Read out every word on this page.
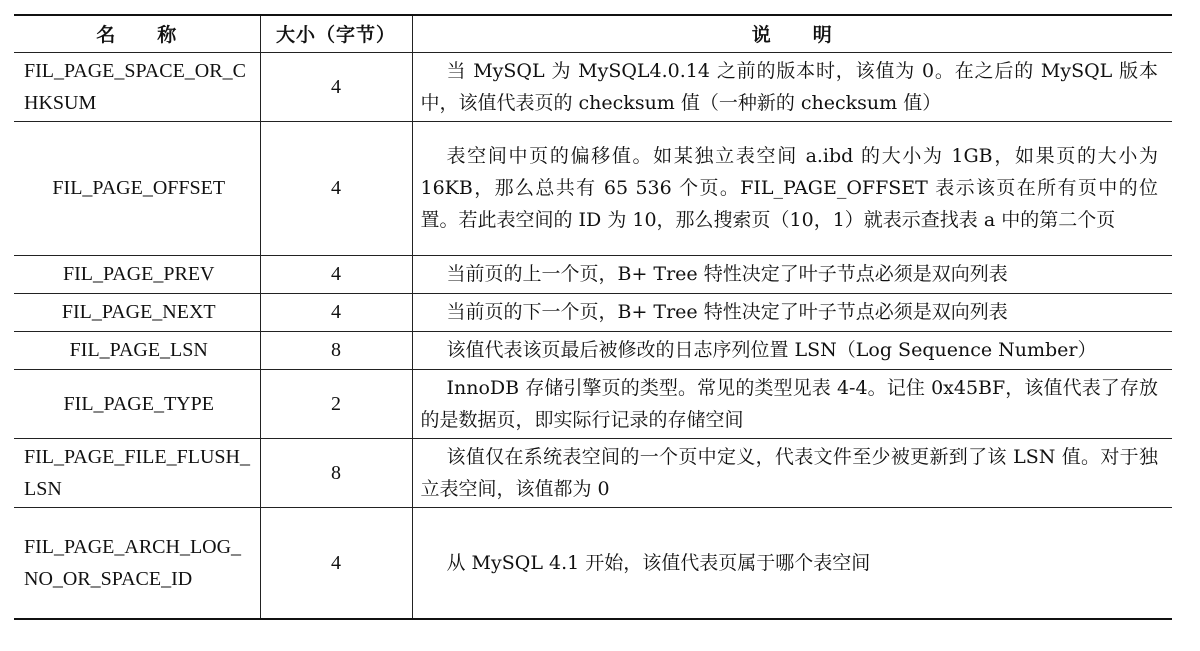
名称	大小（字节）	说明
FIL_PAGE_SPACE_OR_CHKSUM	4	当 MySQL 为 MySQL4.0.14 之前的版本时，该值为 0。在之后的 MySQL 版本中，该值代表页的 checksum 值（一种新的 checksum 值）
FIL_PAGE_OFFSET	4	表空间中页的偏移值。如某独立表空间 a.ibd 的大小为 1GB，如果页的大小为 16KB，那么总共有 65 536 个页。FIL_PAGE_OFFSET 表示该页在所有页中的位置。若此表空间的 ID 为 10，那么搜索页（10，1）就表示查找表 a 中的第二个页
FIL_PAGE_PREV	4	当前页的上一个页，B+ Tree 特性决定了叶子节点必须是双向列表
FIL_PAGE_NEXT	4	当前页的下一个页，B+ Tree 特性决定了叶子节点必须是双向列表
FIL_PAGE_LSN	8	该值代表该页最后被修改的日志序列位置 LSN（Log Sequence Number）
FIL_PAGE_TYPE	2	InnoDB 存储引擎页的类型。常见的类型见表 4-4。记住 0x45BF，该值代表了存放的是数据页，即实际行记录的存储空间
FIL_PAGE_FILE_FLUSH_LSN	8	该值仅在系统表空间的一个页中定义，代表文件至少被更新到了该 LSN 值。对于独立表空间，该值都为 0
FIL_PAGE_ARCH_LOG_NO_OR_SPACE_ID	4	从 MySQL 4.1 开始，该值代表页属于哪个表空间
